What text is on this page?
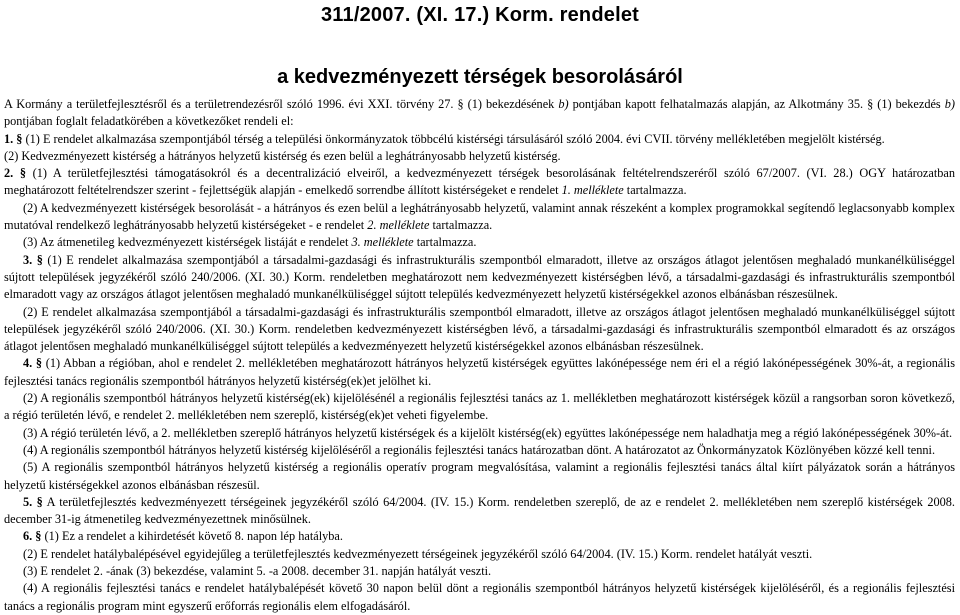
311/2007. (XI. 17.) Korm. rendelet
a kedvezményezett térségek besorolásáról

A Kormány a területfejlesztésről és a területrendezésről szóló 1996. évi XXI. törvény 27. § (1) bekezdésének b) pontjában kapott felhatalmazás alapján, az Alkotmány 35. § (1) bekezdés b) pontjában foglalt feladatkörében a következőket rendeli el:

1. § (1) E rendelet alkalmazása szempontjából térség a települési önkormányzatok többcélú kistérségi társulásáról szóló 2004. évi CVII. törvény mellékletében megjelölt kistérség.

(2) Kedvezményezett kistérség a hátrányos helyzetű kistérség és ezen belül a leghátrányosabb helyzetű kistérség.

2. § (1) A területfejlesztési támogatásokról és a decentralizáció elveiről, a kedvezményezett térségek besorolásának feltételrendszeréről szóló 67/2007. (VI. 28.) OGY határozatban meghatározott feltételrendszer szerint - fejlettségük alapján - emelkedő sorrendbe állított kistérségeket e rendelet 1. melléklete tartalmazza.

(2) A kedvezményezett kistérségek besorolását - a hátrányos és ezen belül a leghátrányosabb helyzetű, valamint annak részeként a komplex programokkal segítendő leglacsonyabb komplex mutatóval rendelkező leghátrányosabb helyzetű kistérségeket - e rendelet 2. melléklete tartalmazza.

(3) Az átmenetileg kedvezményezett kistérségek listáját e rendelet 3. melléklete tartalmazza.

3. § (1) E rendelet alkalmazása szempontjából a társadalmi-gazdasági és infrastrukturális szempontból elmaradott, illetve az országos átlagot jelentősen meghaladó munkanélküliséggel sújtott települések jegyzékéről szóló 240/2006. (XI. 30.) Korm. rendeletben meghatározott nem kedvezményezett kistérségben lévő, a társadalmi-gazdasági és infrastrukturális szempontból elmaradott vagy az országos átlagot jelentősen meghaladó munkanélküliséggel sújtott település kedvezményezett helyzetű kistérségekkel azonos elbánásban részesülnek.

(2) E rendelet alkalmazása szempontjából a társadalmi-gazdasági és infrastrukturális szempontból elmaradott, illetve az országos átlagot jelentősen meghaladó munkanélküliséggel sújtott települések jegyzékéről szóló 240/2006. (XI. 30.) Korm. rendeletben kedvezményezett kistérségben lévő, a társadalmi-gazdasági és infrastrukturális szempontból elmaradott és az országos átlagot jelentősen meghaladó munkanélküliséggel sújtott település a kedvezményezett helyzetű kistérségekkel azonos elbánásban részesülnek.

4. § (1) Abban a régióban, ahol e rendelet 2. mellékletében meghatározott hátrányos helyzetű kistérségek együttes lakónépessége nem éri el a régió lakónépességének 30%-át, a regionális fejlesztési tanács regionális szempontból hátrányos helyzetű kistérség(ek)et jelölhet ki.

(2) A regionális szempontból hátrányos helyzetű kistérség(ek) kijelölésénél a regionális fejlesztési tanács az 1. mellékletben meghatározott kistérségek közül a rangsorban soron következő, a régió területén lévő, e rendelet 2. mellékletében nem szereplő, kistérség(ek)et veheti figyelembe.

(3) A régió területén lévő, a 2. mellékletben szereplő hátrányos helyzetű kistérségek és a kijelölt kistérség(ek) együttes lakónépessége nem haladhatja meg a régió lakónépességének 30%-át.

(4) A regionális szempontból hátrányos helyzetű kistérség kijelöléséről a regionális fejlesztési tanács határozatban dönt. A határozatot az Önkormányzatok Közlönyében közzé kell tenni.

(5) A regionális szempontból hátrányos helyzetű kistérség a regionális operatív program megvalósítása, valamint a regionális fejlesztési tanács által kiírt pályázatok során a hátrányos helyzetű kistérségekkel azonos elbánásban részesül.

5. § A területfejlesztés kedvezményezett térségeinek jegyzékéről szóló 64/2004. (IV. 15.) Korm. rendeletben szereplő, de az e rendelet 2. mellékletében nem szereplő kistérségek 2008. december 31-ig átmenetileg kedvezményezettnek minősülnek.

6. § (1) Ez a rendelet a kihirdetését követő 8. napon lép hatályba.

(2) E rendelet hatálybalépésével egyidejűleg a területfejlesztés kedvezményezett térségeinek jegyzékéről szóló 64/2004. (IV. 15.) Korm. rendelet hatályát veszti.

(3) E rendelet 2. -ának (3) bekezdése, valamint 5. -a 2008. december 31. napján hatályát veszti.

(4) A regionális fejlesztési tanács e rendelet hatálybalépését követő 30 napon belül dönt a regionális szempontból hátrányos helyzetű kistérségek kijelöléséről, és a regionális fejlesztési tanács a regionális program mint egyszerű erőforrás regionális elem elfogadásáról.
